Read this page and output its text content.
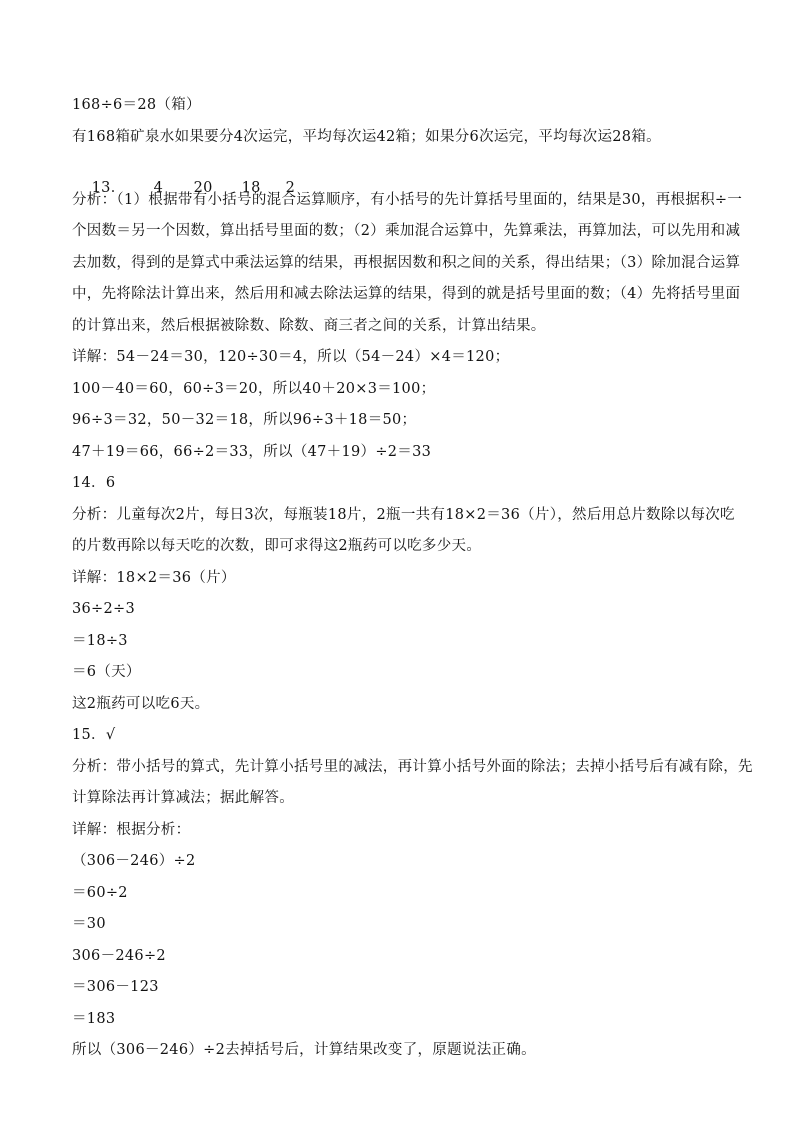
168÷6＝28（箱）
有168箱矿泉水如果要分4次运完，平均每次运42箱；如果分6次运完，平均每次运28箱。

13． 4 20 18 2

分析：（1）根据带有小括号的混合运算顺序，有小括号的先计算括号里面的，结果是30，再根据积÷一
个因数＝另一个因数，算出括号里面的数；（2）乘加混合运算中，先算乘法，再算加法，可以先用和减
去加数，得到的是算式中乘法运算的结果，再根据因数和积之间的关系，得出结果；（3）除加混合运算
中，先将除法计算出来，然后用和减去除法运算的结果，得到的就是括号里面的数；（4）先将括号里面
的计算出来，然后根据被除数、除数、商三者之间的关系，计算出结果。
详解：54－24＝30，120÷30＝4，所以（54－24）×4＝120；
100－40＝60，60÷3＝20，所以40＋20×3＝100；
96÷3＝32，50－32＝18，所以96÷3＋18＝50；
47＋19＝66，66÷2＝33，所以（47＋19）÷2＝33
14．6
分析：儿童每次2片，每日3次，每瓶装18片，2瓶一共有18×2＝36（片），然后用总片数除以每次吃
的片数再除以每天吃的次数，即可求得这2瓶药可以吃多少天。
详解：18×2＝36（片）
36÷2÷3
＝18÷3
＝6（天）
这2瓶药可以吃6天。
15．√
分析：带小括号的算式，先计算小括号里的减法，再计算小括号外面的除法；去掉小括号后有减有除，先
计算除法再计算减法；据此解答。
详解：根据分析：
（306－246）÷2
＝60÷2
＝30
306－246÷2
＝306－123
＝183
所以（306－246）÷2去掉括号后，计算结果改变了，原题说法正确。
